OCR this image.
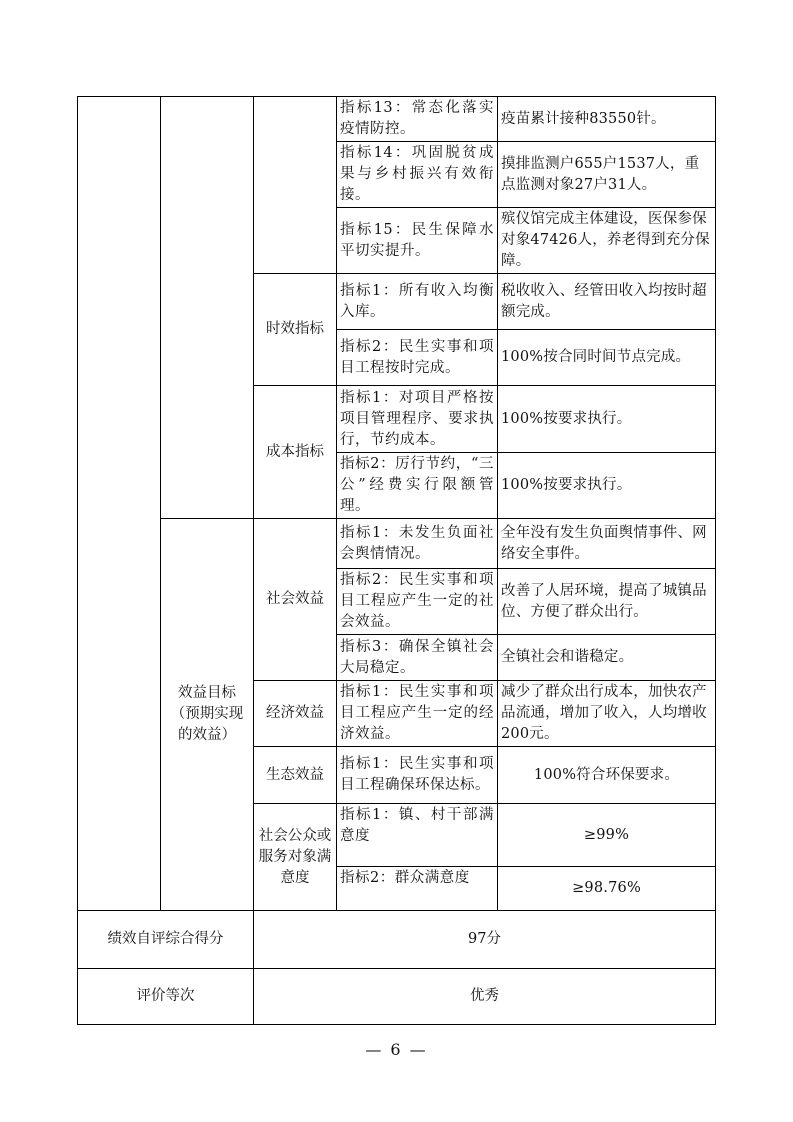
			指标13：常态化落实疫情防控。	疫苗累计接种83550针。
			指标14：巩固脱贫成果与乡村振兴有效衔接。	摸排监测户655户1537人，重点监测对象27户31人。
			指标15：民生保障水平切实提升。	殡仪馆完成主体建设，医保参保对象47426人，养老得到充分保障。
		时效指标	指标1：所有收入均衡入库。	税收收入、经管田收入均按时超额完成。
			指标2：民生实事和项目工程按时完成。	100%按合同时间节点完成。
		成本指标	指标1：对项目严格按项目管理程序、要求执行，节约成本。	100%按要求执行。
			指标2：厉行节约，“三公”经费实行限额管理。	100%按要求执行。
	效益目标（预期实现的效益）	社会效益	指标1：未发生负面社会舆情情况。	全年没有发生负面舆情事件、网络安全事件。
			指标2：民生实事和项目工程应产生一定的社会效益。	改善了人居环境，提高了城镇品位、方便了群众出行。
			指标3：确保全镇社会大局稳定。	全镇社会和谐稳定。
		经济效益	指标1：民生实事和项目工程应产生一定的经济效益。	减少了群众出行成本，加快农产品流通，增加了收入，人均增收200元。
		生态效益	指标1：民生实事和项目工程确保环保达标。	100%符合环保要求。
		社会公众或服务对象满意度	指标1：镇、村干部满意度	≥99%
			指标2：群众满意度	≥98.76%
绩效自评综合得分		97分		
评价等次		优秀		
— 6 —
